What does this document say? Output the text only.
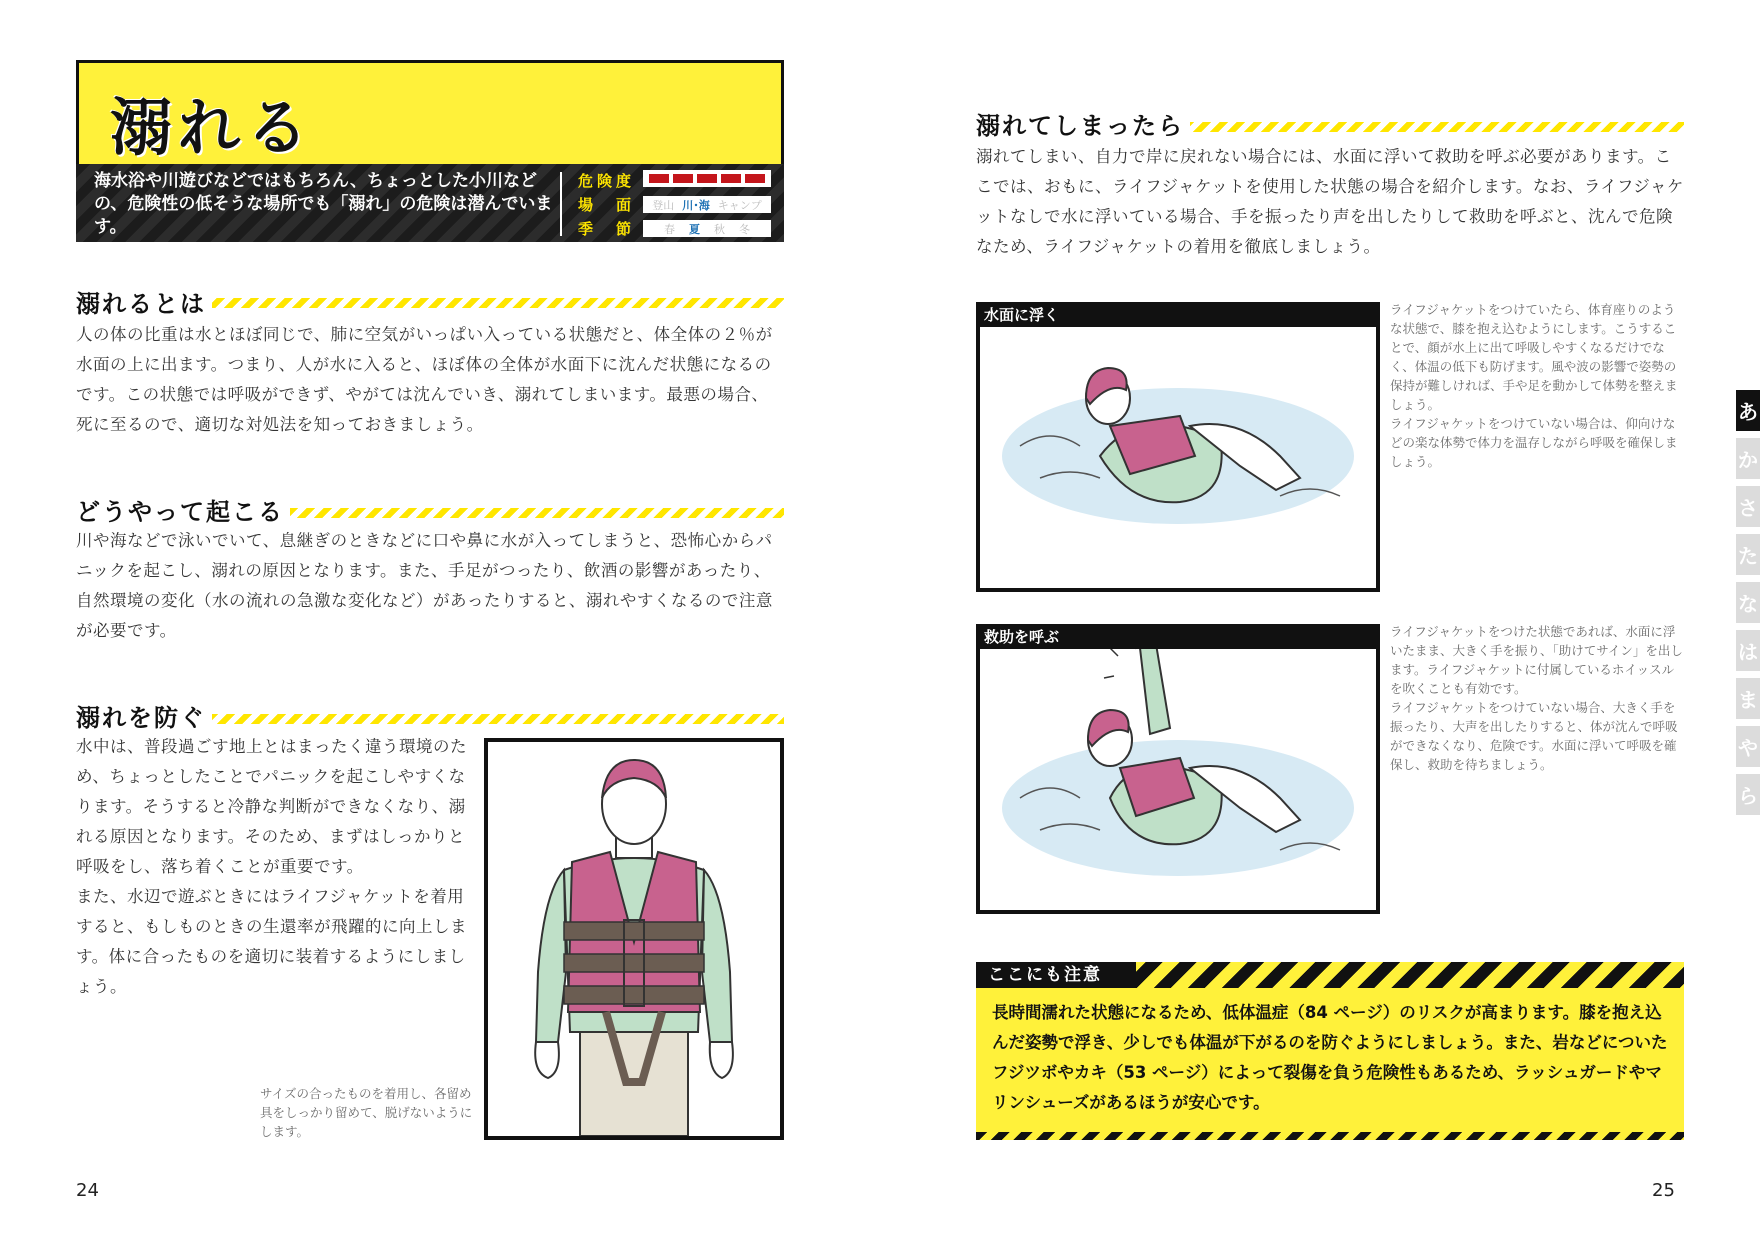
溺れる
海水浴や川遊びなどではもちろん、ちょっとした小川などの、危険性の低そうな場所でも「溺れ」の危険は潜んでいます。
危険度
場　面 登山 川･海 キャンプ
季　節	春 夏 秋 冬
溺れるとは
人の体の比重は水とほぼ同じで、肺に空気がいっぱい入っている状態だと、体全体の２％が水面の上に出ます。つまり、人が水に入ると、ほぼ体の全体が水面下に沈んだ状態になるのです。この状態では呼吸ができず、やがては沈んでいき、溺れてしまいます。最悪の場合、死に至るので、適切な対処法を知っておきましょう。
どうやって起こる
川や海などで泳いでいて、息継ぎのときなどに口や鼻に水が入ってしまうと、恐怖心からパニックを起こし、溺れの原因となります。また、手足がつったり、飲酒の影響があったり、自然環境の変化（水の流れの急激な変化など）があったりすると、溺れやすくなるので注意が必要です。
溺れを防ぐ
水中は、普段過ごす地上とはまったく違う環境のため、ちょっとしたことでパニックを起こしやすくなります。そうすると冷静な判断ができなくなり、溺れる原因となります。そのため、まずはしっかりと呼吸をし、落ち着くことが重要です。
また、水辺で遊ぶときにはライフジャケットを着用すると、もしものときの生還率が飛躍的に向上します。体に合ったものを適切に装着するようにしましょう。
サイズの合ったものを着用し、各留め具をしっかり留めて、脱げないようにします。
24
溺れてしまったら
溺れてしまい、自力で岸に戻れない場合には、水面に浮いて救助を呼ぶ必要があります。ここでは、おもに、ライフジャケットを使用した状態の場合を紹介します。なお、ライフジャケットなしで水に浮いている場合、手を振ったり声を出したりして救助を呼ぶと、沈んで危険なため、ライフジャケットの着用を徹底しましょう。
水面に浮く	ライフジャケットをつけていたら、体育座りのような状態で、膝を抱え込むようにします。こうすることで、顔が水上に出て呼吸しやすくなるだけでなく、体温の低下も防げます。風や波の影響で姿勢の保持が難しければ、手や足を動かして体勢を整えましょう。
ライフジャケットをつけていない場合は、仰向けなどの楽な体勢で体力を温存しながら呼吸を確保しましょう。
救助を呼ぶ	ライフジャケットをつけた状態であれば、水面に浮いたまま、大きく手を振り、「助けてサイン」を出します。ライフジャケットに付属しているホイッスルを吹くことも有効です。
ライフジャケットをつけていない場合、大きく手を振ったり、大声を出したりすると、体が沈んで呼吸ができなくなり、危険です。水面に浮いて呼吸を確保し、救助を待ちましょう。
ここにも注意
長時間濡れた状態になるため、低体温症（84 ページ）のリスクが高まります。膝を抱え込んだ姿勢で浮き、少しでも体温が下がるのを防ぐようにしましょう。また、岩などについたフジツボやカキ（53 ページ）によって裂傷を負う危険性もあるため、ラッシュガードやマリンシューズがあるほうが安心です。
25
あ
か
さ
た
な
は
ま
や
ら
